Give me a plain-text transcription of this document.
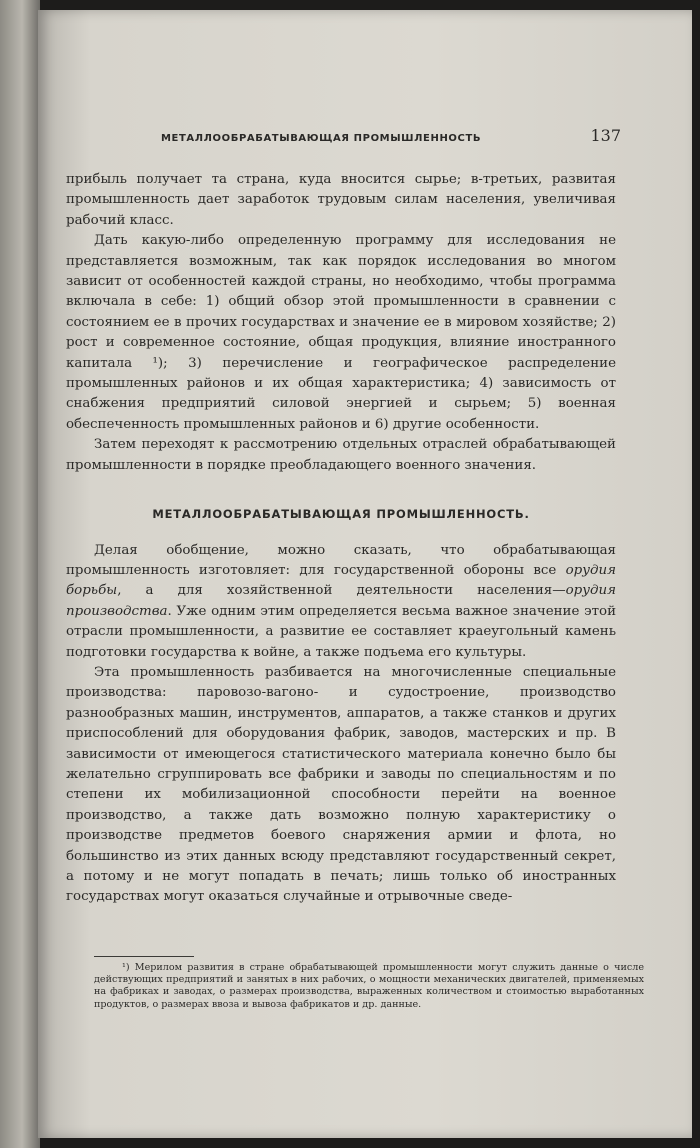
МЕТАЛЛООБРАБАТЫВАЮЩАЯ ПРОМЫШЛЕННОСТЬ	137

прибыль получает та страна, куда вносится сырье; в-третьих, развитая промышленность дает заработок трудовым силам населения, увеличивая рабочий класс.

Дать какую-либо определенную программу для исследования не представляется возможным, так как порядок исследования во многом зависит от особенностей каждой страны, но необходимо, чтобы программа включала в себе: 1) общий обзор этой промышленности в сравнении с состоянием ее в прочих государствах и значение ее в мировом хозяйстве; 2) рост и современное состояние, общая продукция, влияние иностранного капитала ¹); 3) перечисление и географическое распределение промышленных районов и их общая характеристика; 4) зависимость от снабжения предприятий силовой энергией и сырьем; 5) военная обеспеченность промышленных районов и 6) другие особенности.

Затем переходят к рассмотрению отдельных отраслей обрабатывающей промышленности в порядке преобладающего военного значения.

МЕТАЛЛООБРАБАТЫВАЮЩАЯ ПРОМЫШЛЕННОСТЬ.

Делая обобщение, можно сказать, что обрабатывающая промышленность изготовляет: для государственной обороны все орудия борьбы, а для хозяйственной деятельности населения—орудия производства. Уже одним этим определяется весьма важное значение этой отрасли промышленности, а развитие ее составляет краеугольный камень подготовки государства к войне, а также подъема его культуры.

Эта промышленность разбивается на многочисленные специальные производства: паровозо-вагоно- и судостроение, производство разнообразных машин, инструментов, аппаратов, а также станков и других приспособлений для оборудования фабрик, заводов, мастерских и пр. В зависимости от имеющегося статистического материала конечно было бы желательно сгруппировать все фабрики и заводы по специальностям и по степени их мобилизационной способности перейти на военное производство, а также дать возможно полную характеристику о производстве предметов боевого снаряжения армии и флота, но большинство из этих данных всюду представляют государственный секрет, а потому и не могут попадать в печать; лишь только об иностранных государствах могут оказаться случайные и отрывочные сведе-

¹) Мерилом развития в стране обрабатывающей промышленности могут служить данные о числе действующих предприятий и занятых в них рабочих, о мощности механических двигателей, применяемых на фабриках и заводах, о размерах производства, выраженных количеством и стоимостью выработанных продуктов, о размерах ввоза и вывоза фабрикатов и др. данные.
